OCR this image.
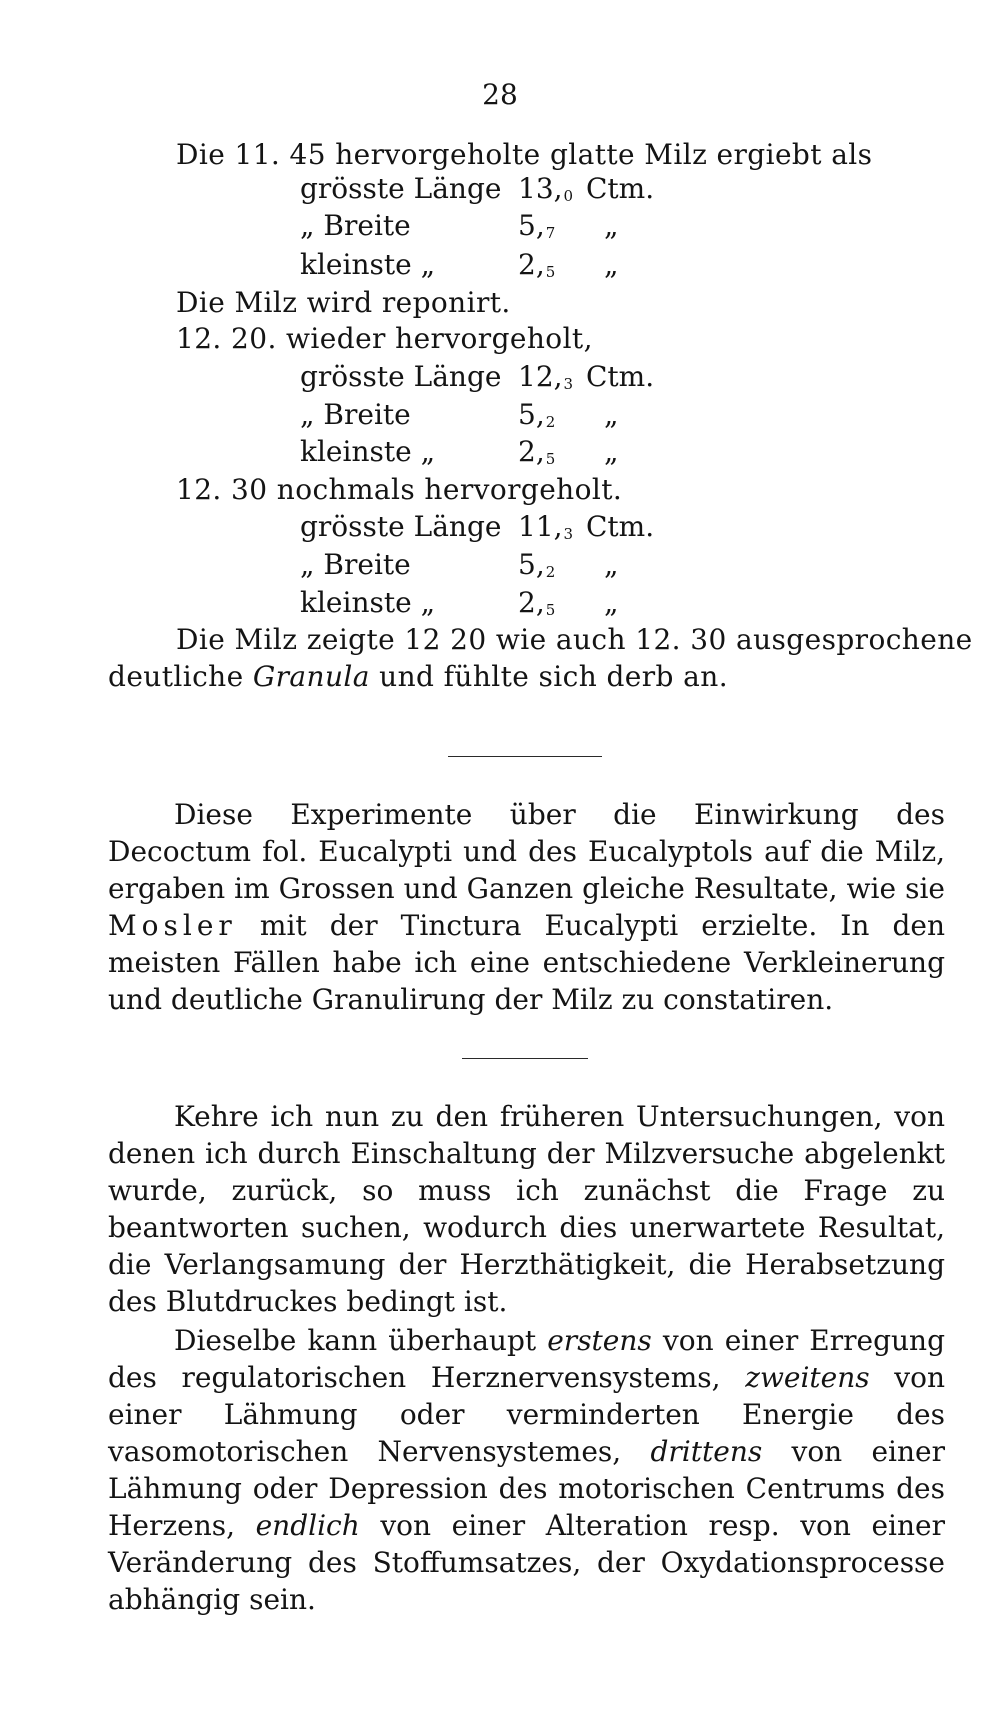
28
Die 11. 45 hervorgeholte glatte Milz ergiebt als
grösste Länge $13,_0$ Ctm.
„ Breite	$5,_7$ „
kleinste „	$2,_5$ „
Die Milz wird reponirt.
12. 20. wieder hervorgeholt,
grösste Länge $12,_3$ Ctm.
„ Breite	$5,_2$ „
kleinste „	$2,_5$ „
12. 30 nochmals hervorgeholt.
grösste Länge $11,_3$ Ctm.
„ Breite	$5,_2$ „
kleinste „	$2,_5$ „
Die Milz zeigte 12 20 wie auch 12. 30 ausgesprochene
deutliche Granula und fühlte sich derb an.

Diese Experimente über die Einwirkung des Decoctum fol. Eucalypti und des Eucalyptols auf die Milz, ergaben im Grossen und Ganzen gleiche Resultate, wie sie Mosler mit der Tinctura Eucalypti erzielte. In den meisten Fällen habe ich eine entschiedene Verkleinerung und deutliche Granulirung der Milz zu constatiren.

Kehre ich nun zu den früheren Untersuchungen, von denen ich durch Einschaltung der Milzversuche abgelenkt wurde, zurück, so muss ich zunächst die Frage zu beantworten suchen, wodurch dies unerwartete Resultat, die Verlangsamung der Herzthätigkeit, die Herabsetzung des Blutdruckes bedingt ist.

Dieselbe kann überhaupt erstens von einer Erregung des regulatorischen Herznervensystems, zweitens von einer Lähmung oder verminderten Energie des vasomotorischen Nervensystemes, drittens von einer Lähmung oder Depression des motorischen Centrums des Herzens, endlich von einer Alteration resp. von einer Veränderung des Stoffumsatzes, der Oxydationsprocesse abhängig sein.
